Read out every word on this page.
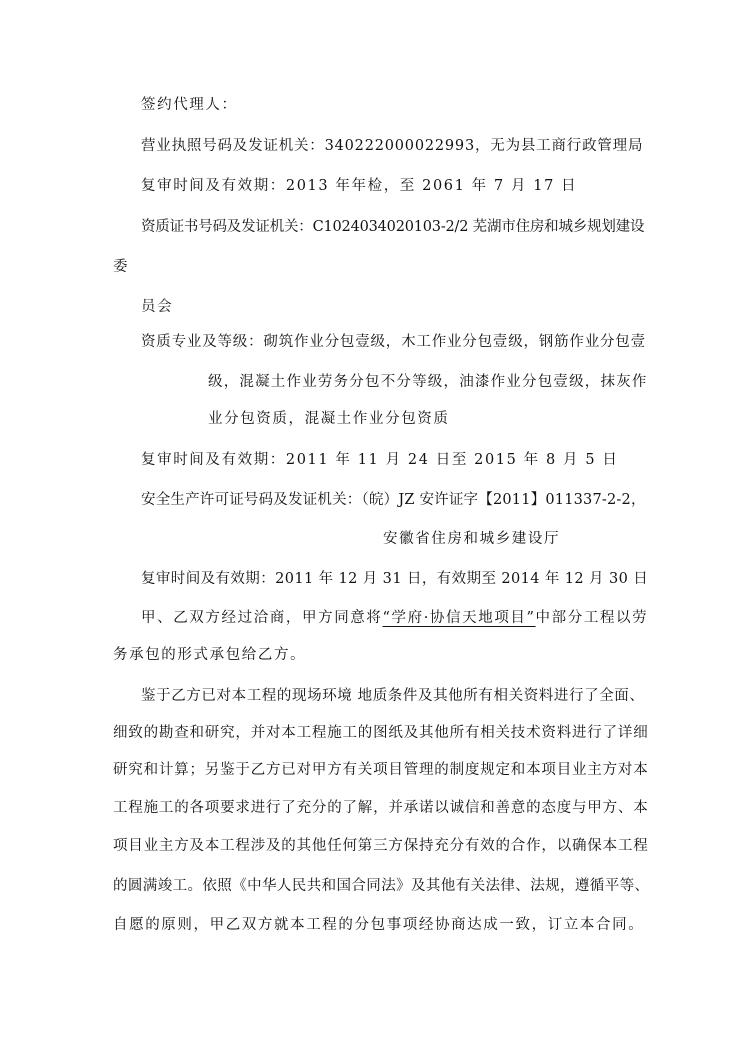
签约代理人：
营业执照号码及发证机关：340222000022993，无为县工商行政管理局
复审时间及有效期：2013 年年检，至 2061 年 7 月 17 日
资质证书号码及发证机关：C1024034020103-2/2 芜湖市住房和城乡规划建设
委
员会
资质专业及等级：砌筑作业分包壹级，木工作业分包壹级，钢筋作业分包壹
级，混凝土作业劳务分包不分等级，油漆作业分包壹级，抹灰作
业分包资质，混凝土作业分包资质
复审时间及有效期：2011 年 11 月 24 日至 2015 年 8 月 5 日
安全生产许可证号码及发证机关：（皖）JZ 安许证字【2011】011337-2-2，
安徽省住房和城乡建设厅
复审时间及有效期：2011 年 12 月 31 日，有效期至 2014 年 12 月 30 日
甲、乙双方经过洽商，甲方同意将“学府·协信天地项目”中部分工程以劳
务承包的形式承包给乙方。
鉴于乙方已对本工程的现场环境 地质条件及其他所有相关资料进行了全面、
细致的勘查和研究，并对本工程施工的图纸及其他所有相关技术资料进行了详细
研究和计算；另鉴于乙方已对甲方有关项目管理的制度规定和本项目业主方对本
工程施工的各项要求进行了充分的了解，并承诺以诚信和善意的态度与甲方、本
项目业主方及本工程涉及的其他任何第三方保持充分有效的合作，以确保本工程
的圆满竣工。依照《中华人民共和国合同法》及其他有关法律、法规，遵循平等、
自愿的原则，甲乙双方就本工程的分包事项经协商达成一致，订立本合同。
